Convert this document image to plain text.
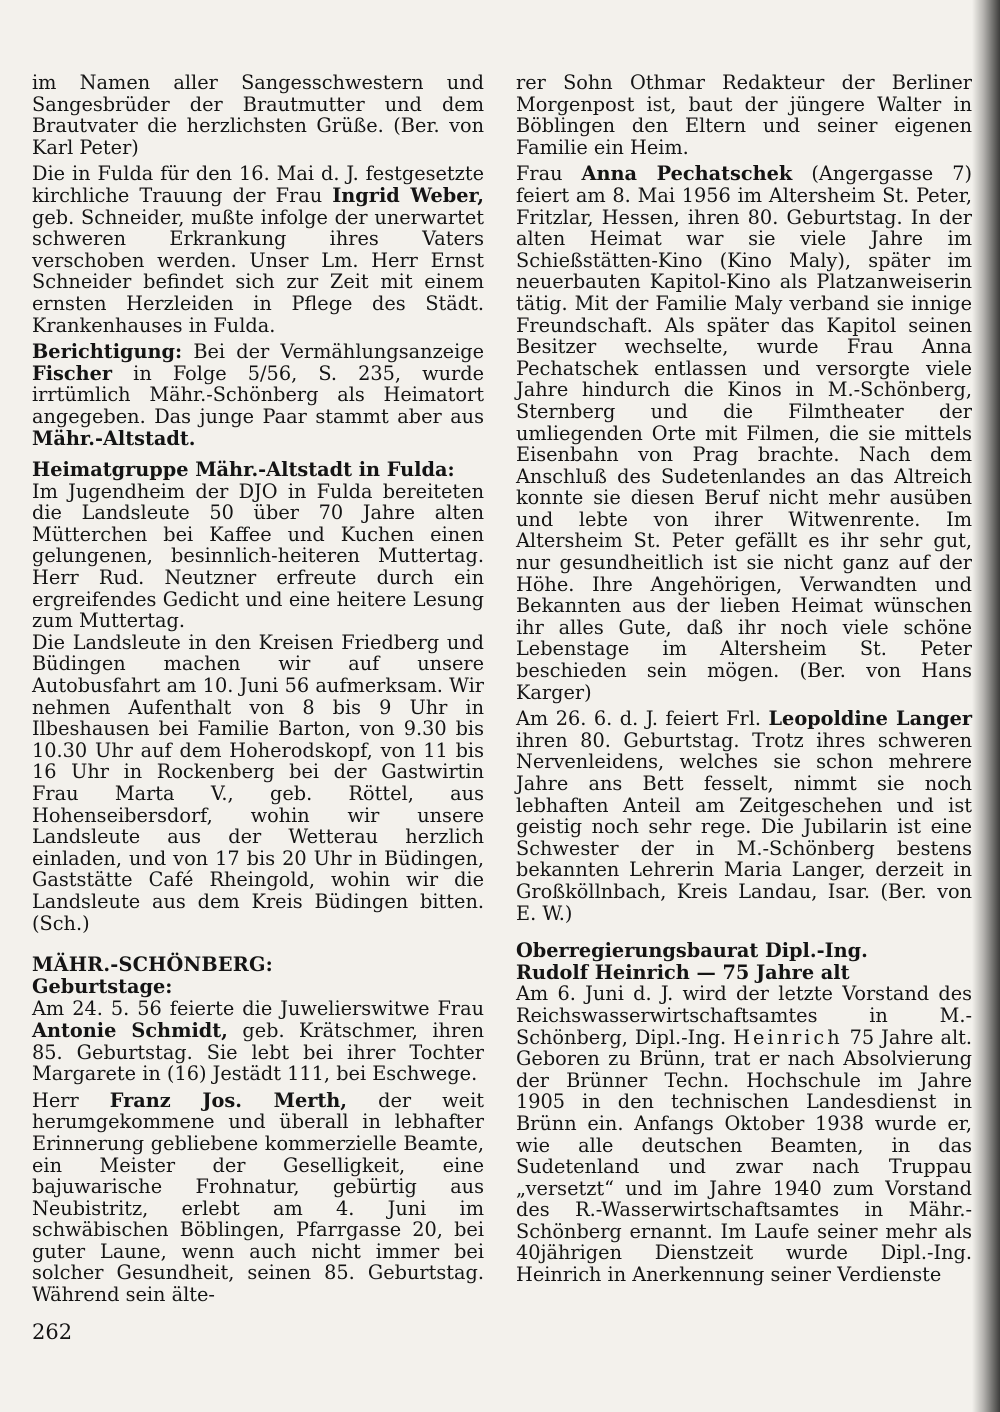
im Namen aller Sangesschwestern und Sangesbrüder der Brautmutter und dem Brautvater die herzlichsten Grüße. (Ber. von Karl Peter)

Die in Fulda für den 16. Mai d. J. festgesetzte kirchliche Trauung der Frau Ingrid Weber, geb. Schneider, mußte infolge der unerwartet schweren Erkrankung ihres Vaters verschoben werden. Unser Lm. Herr Ernst Schneider befindet sich zur Zeit mit einem ernsten Herzleiden in Pflege des Städt. Krankenhauses in Fulda.

Berichtigung: Bei der Vermählungsanzeige Fischer in Folge 5/56, S. 235, wurde irrtümlich Mähr.-Schönberg als Heimatort angegeben. Das junge Paar stammt aber aus Mähr.-Altstadt.

Heimatgruppe Mähr.-Altstadt in Fulda:

Im Jugendheim der DJO in Fulda bereiteten die Landsleute 50 über 70 Jahre alten Mütterchen bei Kaffee und Kuchen einen gelungenen, besinnlich-heiteren Muttertag. Herr Rud. Neutzner erfreute durch ein ergreifendes Gedicht und eine heitere Lesung zum Muttertag.

Die Landsleute in den Kreisen Friedberg und Büdingen machen wir auf unsere Autobusfahrt am 10. Juni 56 aufmerksam. Wir nehmen Aufenthalt von 8 bis 9 Uhr in Ilbeshausen bei Familie Barton, von 9.30 bis 10.30 Uhr auf dem Hoherodskopf, von 11 bis 16 Uhr in Rockenberg bei der Gastwirtin Frau Marta V., geb. Röttel, aus Hohenseibersdorf, wohin wir unsere Landsleute aus der Wetterau herzlich einladen, und von 17 bis 20 Uhr in Büdingen, Gaststätte Café Rheingold, wohin wir die Landsleute aus dem Kreis Büdingen bitten. (Sch.)

MÄHR.-SCHÖNBERG:

Geburtstage:

Am 24. 5. 56 feierte die Juwelierswitwe Frau Antonie Schmidt, geb. Krätschmer, ihren 85. Geburtstag. Sie lebt bei ihrer Tochter Margarete in (16) Jestädt 111, bei Eschwege.

Herr Franz Jos. Merth, der weit herumgekommene und überall in lebhafter Erinnerung gebliebene kommerzielle Beamte, ein Meister der Geselligkeit, eine bajuwarische Frohnatur, gebürtig aus Neubistritz, erlebt am 4. Juni im schwäbischen Böblingen, Pfarrgasse 20, bei guter Laune, wenn auch nicht immer bei solcher Gesundheit, seinen 85. Geburtstag. Während sein älte-

rer Sohn Othmar Redakteur der Berliner Morgenpost ist, baut der jüngere Walter in Böblingen den Eltern und seiner eigenen Familie ein Heim.

Frau Anna Pechatschek (Angergasse 7) feiert am 8. Mai 1956 im Altersheim St. Peter, Fritzlar, Hessen, ihren 80. Geburtstag. In der alten Heimat war sie viele Jahre im Schießstätten-Kino (Kino Maly), später im neuerbauten Kapitol-Kino als Platzanweiserin tätig. Mit der Familie Maly verband sie innige Freundschaft. Als später das Kapitol seinen Besitzer wechselte, wurde Frau Anna Pechatschek entlassen und versorgte viele Jahre hindurch die Kinos in M.-Schönberg, Sternberg und die Filmtheater der umliegenden Orte mit Filmen, die sie mittels Eisenbahn von Prag brachte. Nach dem Anschluß des Sudetenlandes an das Altreich konnte sie diesen Beruf nicht mehr ausüben und lebte von ihrer Witwenrente. Im Altersheim St. Peter gefällt es ihr sehr gut, nur gesundheitlich ist sie nicht ganz auf der Höhe. Ihre Angehörigen, Verwandten und Bekannten aus der lieben Heimat wünschen ihr alles Gute, daß ihr noch viele schöne Lebenstage im Altersheim St. Peter beschieden sein mögen. (Ber. von Hans Karger)

Am 26. 6. d. J. feiert Frl. Leopoldine Langer ihren 80. Geburtstag. Trotz ihres schweren Nervenleidens, welches sie schon mehrere Jahre ans Bett fesselt, nimmt sie noch lebhaften Anteil am Zeitgeschehen und ist geistig noch sehr rege. Die Jubilarin ist eine Schwester der in M.-Schönberg bestens bekannten Lehrerin Maria Langer, derzeit in Großköllnbach, Kreis Landau, Isar. (Ber. von E. W.)

Oberregierungsbaurat Dipl.-Ing.

Rudolf Heinrich — 75 Jahre alt

Am 6. Juni d. J. wird der letzte Vorstand des Reichswasserwirtschaftsamtes in M.-Schönberg, Dipl.-Ing. Heinrich 75 Jahre alt. Geboren zu Brünn, trat er nach Absolvierung der Brünner Techn. Hochschule im Jahre 1905 in den technischen Landesdienst in Brünn ein. Anfangs Oktober 1938 wurde er, wie alle deutschen Beamten, in das Sudetenland und zwar nach Truppau „versetzt“ und im Jahre 1940 zum Vorstand des R.-Wasserwirtschaftsamtes in Mähr.-Schönberg ernannt. Im Laufe seiner mehr als 40jährigen Dienstzeit wurde Dipl.-Ing. Heinrich in Anerkennung seiner Verdienste

262
